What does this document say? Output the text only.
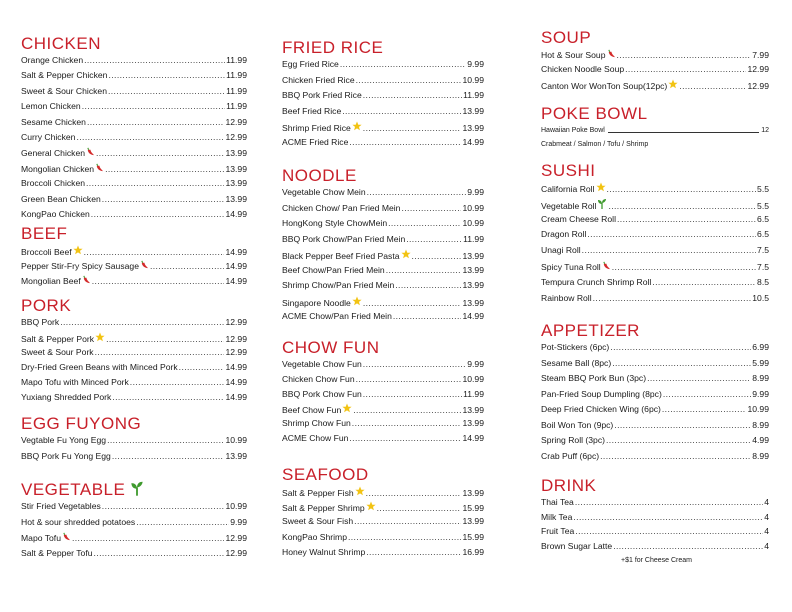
CHICKEN
Orange Chicken .....	11.99
Salt & Pepper Chicken .....	11.99
Sweet & Sour Chicken .....	11.99
Lemon Chicken .....	11.99
Sesame Chicken .....	12.99
Curry Chicken .....	12.99
General Chicken .....	13.99
Mongolian Chicken .....	13.99
Broccoli Chicken .....	13.99
Green Bean Chicken .....	13.99
KongPao Chicken .....	14.99
BEEF
Broccoli Beef .....	14.99
Pepper Stir-Fry Spicy Sausage .....	14.99
Mongolian Beef .....	14.99
PORK
BBQ Pork .....	12.99
Salt & Pepper Pork .....	12.99
Sweet & Sour Pork .....	12.99
Dry-Fried Green Beans with Minced Pork .....	14.99
Mapo Tofu with Minced Pork .....	14.99
Yuxiang Shredded Pork .....	14.99
EGG FUYONG
Vegtable Fu Yong Egg .....	10.99
BBQ Pork Fu Yong Egg .....	13.99
VEGETABLE
Stir Fried Vegetables .....	10.99
Hot & sour shredded potatoes .....	9.99
Mapo Tofu .....	12.99
Salt & Pepper Tofu .....	12.99
FRIED RICE
Egg Fried Rice .....	9.99
Chicken Fried Rice .....	10.99
BBQ Pork Fried Rice .....	11.99
Beef Fried Rice .....	13.99
Shrimp Fried Rice .....	13.99
ACME Fried Rice .....	14.99
NOODLE
Vegetable Chow Mein .....	9.99
Chicken Chow/ Pan Fried Mein .....	10.99
HongKong Style ChowMein .....	10.99
BBQ Pork Chow/Pan Fried Mein .....	11.99
Black Pepper Beef Fried Pasta .....	13.99
Beef Chow/Pan Fried Mein .....	13.99
Shrimp Chow/Pan Fried Mein .....	13.99
Singapore Noodle .....	13.99
ACME Chow/Pan Fried Mein .....	14.99
CHOW FUN
Vegetable Chow Fun .....	9.99
Chicken Chow Fun .....	10.99
BBQ Pork Chow Fun .....	11.99
Beef Chow Fun .....	13.99
Shrimp Chow Fun .....	13.99
ACME Chow Fun .....	14.99
SEAFOOD
Salt & Pepper Fish .....	13.99
Salt & Pepper Shrimp .....	15.99
Sweet & Sour Fish .....	13.99
KongPao Shrimp .....	15.99
Honey Walnut Shrimp .....	16.99
SOUP
Hot & Sour Soup .....	7.99
Chicken Noodle Soup .....	12.99
Canton Wor WonTon Soup(12pc) .....	12.99
POKE BOWL
Hawaiian Poke Bowl	12
Crabmeat / Salmon / Tofu / Shrimp
SUSHI
California Roll .....	5.5
Vegetable Roll .....	5.5
Cream Cheese Roll .....	6.5
Dragon Roll .....	6.5
Unagi Roll .....	7.5
Spicy Tuna Roll .....	7.5
Tempura Crunch Shrimp Roll .....	8.5
Rainbow Roll .....	10.5
APPETIZER
Pot-Stickers (6pc) .....	6.99
Sesame Ball (8pc) .....	5.99
Steam BBQ Pork Bun (3pc) .....	8.99
Pan-Fried Soup Dumpling (8pc) .....	9.99
Deep Fried Chicken Wing (6pc) .....	10.99
Boil Won Ton (9pc) .....	8.99
Spring Roll (3pc) .....	4.99
Crab Puff (6pc) .....	8.99
DRINK
Thai Tea .....	4
Milk Tea .....	4
Fruit Tea .....	4
Brown Sugar Latte .....	4
+$1 for Cheese Cream
